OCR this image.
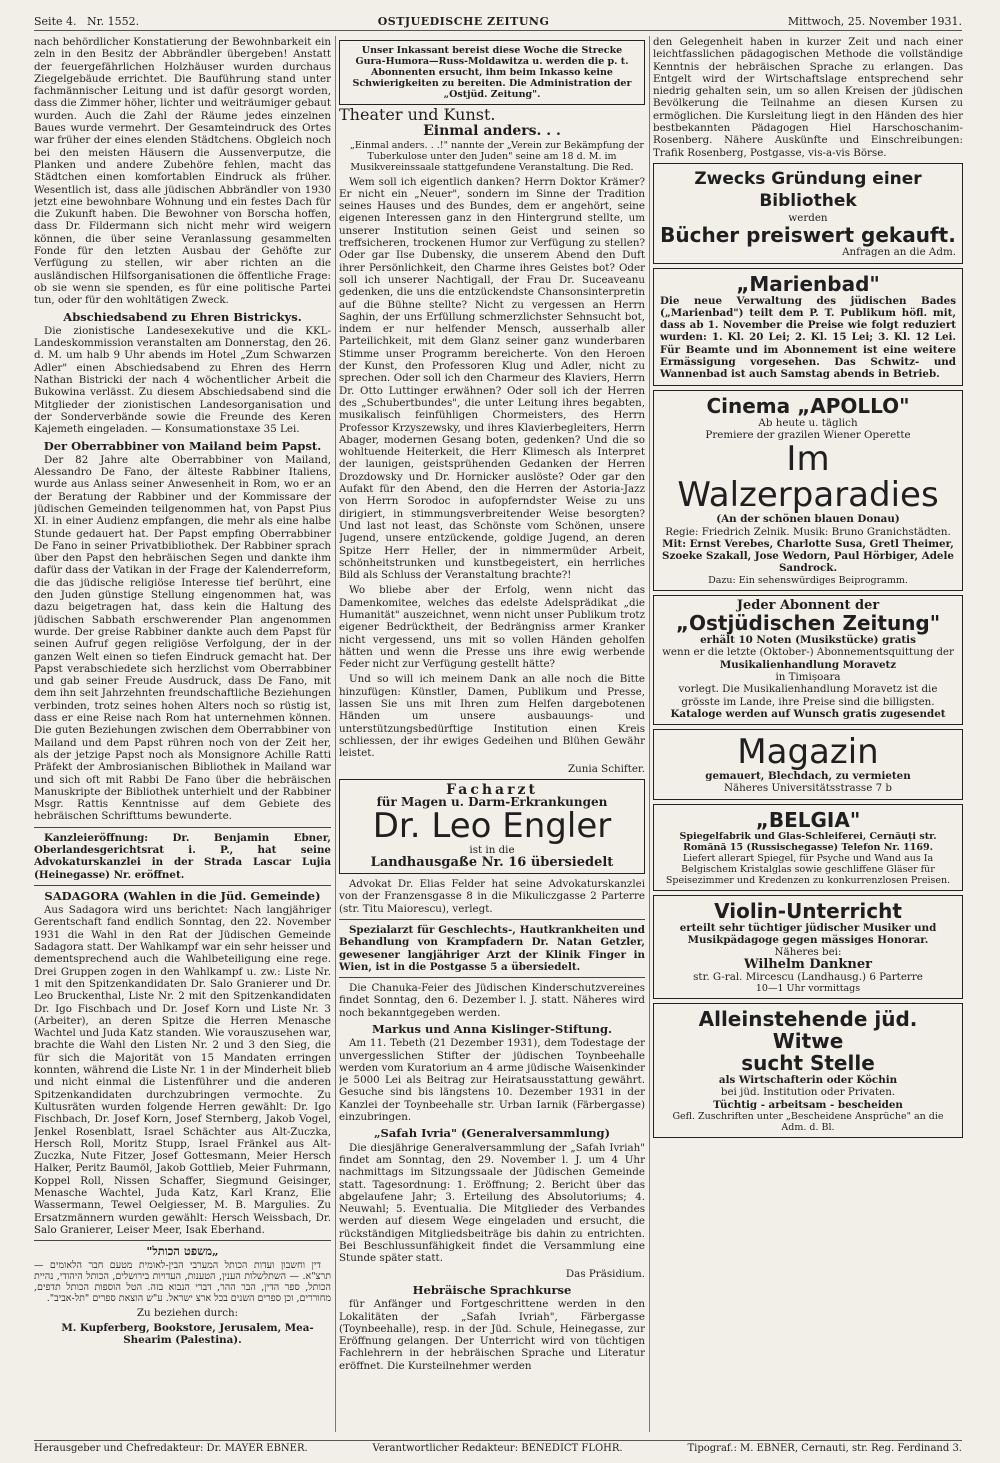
Seite 4. Nr. 1552.	OSTJUEDISCHE ZEITUNG	Mittwoch, 25. November 1931.

nach behördlicher Konstatierung der Bewohnbarkeit ein zeln in den Besitz der Abbrändler übergeben! Anstatt der feuergefährlichen Holzhäuser wurden durchaus Ziegelgebäude errichtet. Die Bauführung stand unter fachmännischer Leitung und ist dafür gesorgt worden, dass die Zimmer höher, lichter und weiträumiger gebaut wurden. Auch die Zahl der Räume jedes einzelnen Baues wurde vermehrt. Der Gesamteindruck des Ortes war früher der eines elenden Städtchens. Obgleich noch bei den meisten Häusern die Aussenverputze, die Planken und andere Zubehöre fehlen, macht das Städtchen einen komfortablen Eindruck als früher. Wesentlich ist, dass alle jüdischen Abbrändler von 1930 jetzt eine bewohnbare Wohnung und ein festes Dach für die Zukunft haben. Die Bewohner von Borscha hoffen, dass Dr. Fildermann sich nicht mehr wird weigern können, die über seine Veranlassung gesammelten Fonde für den letzten Ausbau der Gehöfte zur Verfügung zu stellen, wir aber richten an die ausländischen Hilfsorganisationen die öffentliche Frage: ob sie wenn sie spenden, es für eine politische Partei tun, oder für den wohltätigen Zweck.

Abschiedsabend zu Ehren Bistrickys.

Die zionistische Landesexekutive und die KKL-Landeskommission veranstalten am Donnerstag, den 26. d. M. um halb 9 Uhr abends im Hotel „Zum Schwarzen Adler" einen Abschiedsabend zu Ehren des Herrn Nathan Bistricki der nach 4 wöchentlicher Arbeit die Bukowina verlässt. Zu diesem Abschiedsabend sind die Mitglieder der zionistischen Landesorganisation und der Sonderverbände sowie die Freunde des Keren Kajemeth eingeladen. — Konsumationstaxe 35 Lei.

Der Oberrabbiner von Mailand beim Papst.

Der 82 Jahre alte Oberrabbiner von Mailand, Alessandro De Fano, der älteste Rabbiner Italiens, wurde aus Anlass seiner Anwesenheit in Rom, wo er an der Beratung der Rabbiner und der Kommissare der jüdischen Gemeinden teilgenommen hat, von Papst Pius XI. in einer Audienz empfangen, die mehr als eine halbe Stunde gedauert hat. Der Papst empfing Oberrabbiner De Fano in seiner Privatbibliothek. Der Rabbiner sprach über den Papst den hebräischen Segen und dankte ihm dafür dass der Vatikan in der Frage der Kalenderreform, die das jüdische religiöse Interesse tief berührt, eine den Juden günstige Stellung eingenommen hat, was dazu beigetragen hat, dass kein die Haltung des jüdischen Sabbath erschwerender Plan angenommen wurde. Der greise Rabbiner dankte auch dem Papst für seinen Aufruf gegen religiöse Verfolgung, der in der ganzen Welt einen so tiefen Eindruck gemacht hat. Der Papst verabschiedete sich herzlichst vom Oberrabbiner und gab seiner Freude Ausdruck, dass De Fano, mit dem ihn seit Jahrzehnten freundschaftliche Beziehungen verbinden, trotz seines hohen Alters noch so rüstig ist, dass er eine Reise nach Rom hat unternehmen können. Die guten Beziehungen zwischen dem Oberrabbiner von Mailand und dem Papst rühren noch von der Zeit her, als der jetzige Papst noch als Monsignore Achille Ratti Präfekt der Ambrosianischen Bibliothek in Mailand war und sich oft mit Rabbi De Fano über die hebräischen Manuskripte der Bibliothek unterhielt und der Rabbiner Msgr. Rattis Kenntnisse auf dem Gebiete des hebräischen Schrifttums bewunderte.

Kanzleieröffnung: Dr. Benjamin Ebner, Oberlandesgerichtsrat i. P., hat seine Advokaturskanzlei in der Strada Lascar Lujia (Heinegasse) Nr. eröffnet.

SADAGORA (Wahlen in die Jüd. Gemeinde)

Aus Sadagora wird uns berichtet: Nach langjähriger Gerentschaft fand endlich Sonntag, den 22. November 1931 die Wahl in den Rat der Jüdischen Gemeinde Sadagora statt. Der Wahlkampf war ein sehr heisser und dementsprechend auch die Wahlbeteiligung eine rege. Drei Gruppen zogen in den Wahlkampf u. zw.: Liste Nr. 1 mit den Spitzenkandidaten Dr. Salo Granierer und Dr. Leo Bruckenthal, Liste Nr. 2 mit den Spitzenkandidaten Dr. Igo Fischbach und Dr. Josef Korn und Liste Nr. 3 (Arbeiter), an deren Spitze die Herren Menasche Wachtel und Juda Katz standen. Wie vorauszusehen war, brachte die Wahl den Listen Nr. 2 und 3 den Sieg, die für sich die Majorität von 15 Mandaten erringen konnten, während die Liste Nr. 1 in der Minderheit blieb und nicht einmal die Listenführer und die anderen Spitzenkandidaten durchzubringen vermochte. Zu Kultusräten wurden folgende Herren gewählt: Dr. Igo Fischbach, Dr. Josef Korn, Josef Sternberg, Jakob Vogel, Jenkel Rosenblatt, Israel Schächter aus Alt-Zuczka, Hersch Roll, Moritz Stupp, Israel Fränkel aus Alt-Zuczka, Nute Fitzer, Josef Gottesmann, Meier Hersch Halker, Peritz Baumöl, Jakob Gottlieb, Meier Fuhrmann, Koppel Roll, Nissen Schaffer, Siegmund Geisinger, Menasche Wachtel, Juda Katz, Karl Kranz, Elie Wassermann, Tewel Oelgiesser, M. B. Margulies. Zu Ersatzmännern wurden gewählt: Hersch Weissbach, Dr. Salo Granierer, Leiser Meer, Isak Eberhand.

„משפט הכותל"

דין וחשבון ועדות הכותל המערבי הבין-לאומית מטעם חבר הלאומים — תרצ"א. — השתלשלות הענין, הטענות, העדויות בירושלים, הכותל היהודי, נהיית הכותל, ספר הדין, הבר ההר, דברי הנבוא בזה. הטל הוספות הכותל תדפים, מחוררים, וכן ספרים השנים בכל ארצ ישראל. ע"ש הוצאת ספרים "תל-אביב".

Zu beziehen durch:

M. Kupferberg, Bookstore, Jerusalem, Mea-Shearim (Palestina).

Unser Inkassant bereist diese Woche die Strecke Gura-Humora—Russ-Moldawitza u. werden die p. t. Abonnenten ersucht, ihm beim Inkasso keine Schwierigkeiten zu bereiten. Die Administration der „Ostjüd. Zeitung".
Theater und Kunst.
Einmal anders. . .

„Einmal anders. . .!" nannte der „Verein zur Bekämpfung der Tuberkulose unter den Juden" seine am 18 d. M. im Musikvereinssaale stattgefundene Veranstaltung. Die Red.

Wem soll ich eigentlich danken? Herrn Doktor Krämer? Er nicht ein „Neuer", sondern im Sinne der Tradition seines Hauses und des Bundes, dem er angehört, seine eigenen Interessen ganz in den Hintergrund stellte, um unserer Institution seinen Geist und seinen so treffsicheren, trockenen Humor zur Verfügung zu stellen? Oder gar Ilse Dubensky, die unserem Abend den Duft ihrer Persönlichkeit, den Charme ihres Geistes bot? Oder soll ich unserer Nachtigall, der Frau Dr. Suceaveanu gedenken, die uns die entzückendste Chansonsinterpretin auf die Bühne stellte? Nicht zu vergessen an Herrn Saghin, der uns Erfüllung schmerzlichster Sehnsucht bot, indem er nur helfender Mensch, ausserhalb aller Parteilichkeit, mit dem Glanz seiner ganz wunderbaren Stimme unser Programm bereicherte. Von den Heroen der Kunst, den Professoren Klug und Adler, nicht zu sprechen. Oder soll ich den Charmeur des Klaviers, Herrn Dr. Otto Luttinger erwähnen? Oder soll ich der Herren des „Schubertbundes", die unter Leitung ihres begabten, musikalisch feinfühligen Chormeisters, des Herrn Professor Krzyszewsky, und ihres Klavierbegleiters, Herrn Abager, modernen Gesang boten, gedenken? Und die so wohltuende Heiterkeit, die Herr Klimesch als Interpret der launigen, geistsprühenden Gedanken der Herren Drozdowsky und Dr. Hornicker auslöste? Oder gar den Aufakt für den Abend, den die Herren der Astoria-Jazz von Herrn Sorodoc in aufopferndster Weise zu uns dirigiert, in stimmungsverbreitender Weise besorgten? Und last not least, das Schönste vom Schönen, unsere Jugend, unsere entzückende, goldige Jugend, an deren Spitze Herr Heller, der in nimmermüder Arbeit, schönheitstrunken und kunstbegeistert, ein herrliches Bild als Schluss der Veranstaltung brachte?!

Wo bliebe aber der Erfolg, wenn nicht das Damenkomitee, welches das edelste Adelsprädikat „die Humanität" auszeichnet, wenn nicht unser Publikum trotz eigener Bedrücktheit, der Bedrängniss armer Kranker nicht vergessend, uns mit so vollen Händen geholfen hätten und wenn die Presse uns ihre ewig werbende Feder nicht zur Verfügung gestellt hätte?

Und so will ich meinem Dank an alle noch die Bitte hinzufügen: Künstler, Damen, Publikum und Presse, lassen Sie uns mit Ihren zum Helfen dargebotenen Händen um unsere ausbauungs- und unterstützungsbedürftige Institution einen Kreis schliessen, der ihr ewiges Gedeihen und Blühen Gewähr leistet.

Zunia Schifter.

Facharzt
für Magen u. Darm-Erkrankungen
Dr. Leo Engler
ist in die
Landhausgaße Nr. 16 übersiedelt

Advokat Dr. Elias Felder hat seine Advokaturskanzlei von der Franzensgasse 8 in die Mikuliczgasse 2 Parterre (str. Titu Maiorescu), verlegt.

Spezialarzt für Geschlechts-, Hautkrankheiten und Behandlung von Krampfadern Dr. Natan Getzler, gewesener langjähriger Arzt der Klinik Finger in Wien, ist in die Postgasse 5 a übersiedelt.

Die Chanuka-Feier des Jüdischen Kinderschutzvereines findet Sonntag, den 6. Dezember l. J. statt. Näheres wird noch bekanntgegeben werden.

Markus und Anna Kislinger-Stiftung.

Am 11. Tebeth (21 Dezember 1931), dem Todestage der unvergesslichen Stifter der jüdischen Toynbeehalle werden vom Kuratorium an 4 arme jüdische Waisenkinder je 5000 Lei als Beitrag zur Heiratsausstattung gewährt. Gesuche sind bis längstens 10. Dezember 1931 in der Kanzlei der Toynbeehalle str. Urban Iarnik (Färbergasse) einzubringen.

„Safah Ivria" (Generalversammlung)

Die diesjährige Generalversammlung der „Safah Ivriah" findet am Sonntag, den 29. November l. J. um 4 Uhr nachmittags im Sitzungssaale der Jüdischen Gemeinde statt. Tagesordnung: 1. Eröffnung; 2. Bericht über das abgelaufene Jahr; 3. Erteilung des Absolutoriums; 4. Neuwahl; 5. Eventualia. Die Mitglieder des Verbandes werden auf diesem Wege eingeladen und ersucht, die rückständigen Mitgliedsbeiträge bis dahin zu entrichten. Bei Beschlussunfähigkeit findet die Versammlung eine Stunde später statt.

Das Präsidium.

Hebräische Sprachkurse

für Anfänger und Fortgeschrittene werden in den Lokalitäten der „Safah Ivriah", Färbergasse (Toynbeehalle), resp. in der Jüd. Schule, Heinegasse, zur Eröffnung gelangen. Der Unterricht wird von tüchtigen Fachlehrern in der hebräischen Sprache und Literatur eröffnet. Die Kursteilnehmer werden

den Gelegenheit haben in kurzer Zeit und nach einer leichtfasslichen pädagogischen Methode die vollständige Kenntnis der hebräischen Sprache zu erlangen. Das Entgelt wird der Wirtschaftslage entsprechend sehr niedrig gehalten sein, um so allen Kreisen der jüdischen Bevölkerung die Teilnahme an diesen Kursen zu ermöglichen. Die Kursleitung liegt in den Händen des hier bestbekannten Pädagogen Hiel Harschoschanim-Rosenberg. Nähere Auskünfte und Einschreibungen: Trafik Rosenberg, Postgasse, vis-a-vis Börse.

Zwecks Gründung einer Bibliothek
werden
Bücher preiswert gekauft.
Anfragen an die Adm.
„Marienbad"
Die neue Verwaltung des jüdischen Bades („Marienbad") teilt dem P. T. Publikum höfl. mit, dass ab 1. November die Preise wie folgt reduziert wurden: 1. Kl. 20 Lei; 2. Kl. 15 Lei; 3. Kl. 12 Lei. Für Beamte und im Abonnement ist eine weitere Ermässigung vorgesehen. Das Schwitz- und Wannenbad ist auch Samstag abends in Betrieb.
Cinema „APOLLO"
Ab heute u. täglich
Premiere der grazilen Wiener Operette
Im Walzerparadies
(An der schönen blauen Donau)
Regie: Friedrich Zelnik. Musik: Bruno Granichstädten.
Mit: Ernst Verebes, Charlotte Susa, Gretl Theimer, Szoeke Szakall, Jose Wedorn, Paul Hörbiger, Adele Sandrock.
Dazu: Ein sehenswürdiges Beiprogramm.
Jeder Abonnent der
„Ostjüdischen Zeitung"
erhält 10 Noten (Musikstücke) gratis
wenn er die letzte (Oktober-) Abonnementsquittung der
Musikalienhandlung Moravetz
in Timișoara
vorlegt. Die Musikalienhandlung Moravetz ist die grösste im Lande, ihre Preise sind die billigsten.
Kataloge werden auf Wunsch gratis zugesendet
Magazin
gemauert, Blechdach, zu vermieten
Näheres Universitätsstrasse 7 b
„BELGIA"
Spiegelfabrik und Glas-Schleiferei, Cernăuți str. Romănă 15 (Russischegasse) Telefon Nr. 1169.
Liefert allerart Spiegel, für Psyche und Wand aus Ia Belgischem Kristalglas sowie geschliffene Gläser für Speisezimmer und Kredenzen zu konkurrenzlosen Preisen.
Violin-Unterricht
erteilt sehr tüchtiger jüdischer Musiker und Musikpädagoge gegen mässiges Honorar.
Näheres bei:
Wilhelm Dankner
str. G-ral. Mircescu (Landhausg.) 6 Parterre
10—1 Uhr vormittags
Alleinstehende jüd. Witwe
sucht Stelle
als Wirtschafterin oder Köchin
bei jüd. Institution oder Privaten.
Tüchtig - arbeitsam - bescheiden
Gefl. Zuschriften unter „Bescheidene Ansprüche" an die Adm. d. Bl.
Herausgeber und Chefredakteur: Dr. MAYER EBNER.	Verantwortlicher Redakteur: BENEDICT FLOHR.	Tipograf.: M. EBNER, Cernauti, str. Reg. Ferdinand 3.
